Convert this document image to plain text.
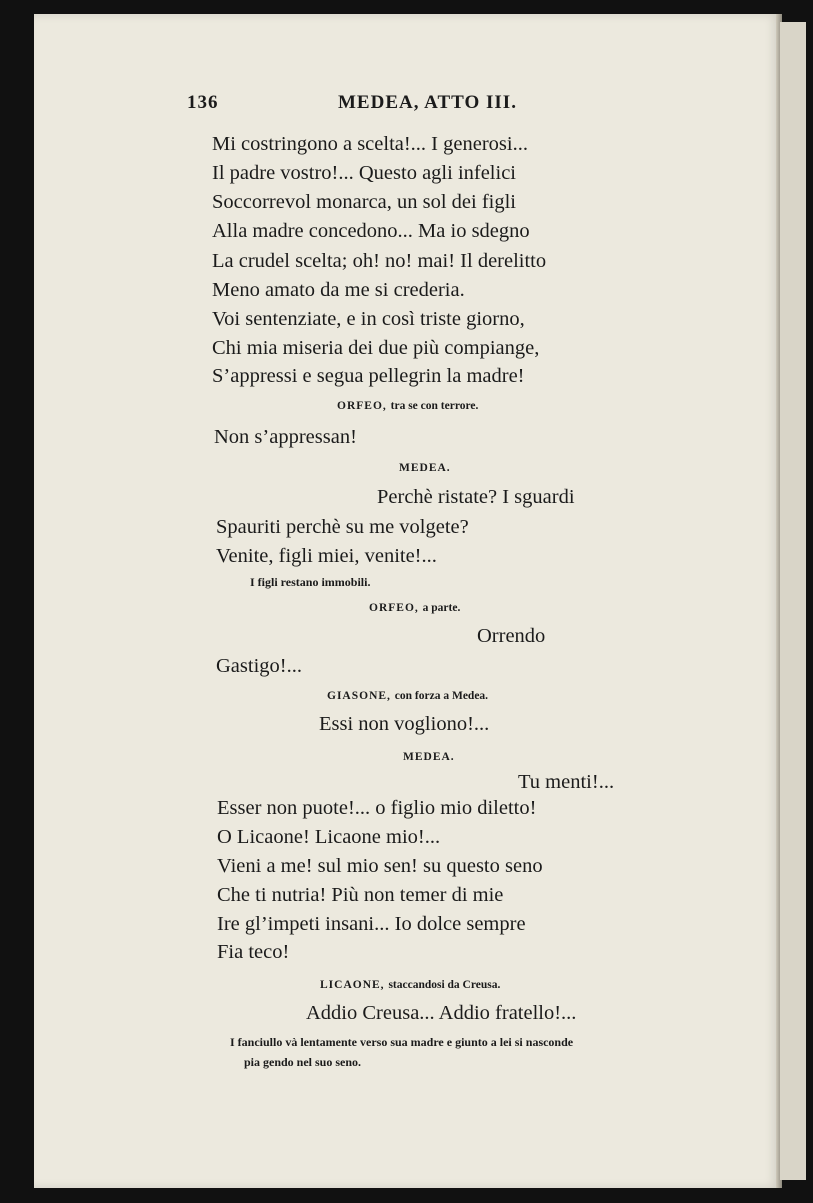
136	MEDEA, ATTO III.
Mi costringono a scelta!... I generosi...
Il padre vostro!... Questo agli infelici
Soccorrevol monarca, un sol dei figli
Alla madre concedono... Ma io sdegno
La crudel scelta; oh! no! mai! Il derelitto
Meno amato da me si crederia.
Voi sentenziate, e in così triste giorno,
Chi mia miseria dei due più compiange,
S’appressi e segua pellegrin la madre!
ORFEO, tra se con terrore.
Non s’appressan!
MEDEA.
Perchè ristate? I sguardi
Spauriti perchè su me volgete?
Venite, figli miei, venite!...
I figli restano immobili.
ORFEO, a parte.
Orrendo
Gastigo!...
GIASONE, con forza a Medea.
Essi non vogliono!...
MEDEA.
Tu menti!...
Esser non puote!... o figlio mio diletto!
O Licaone! Licaone mio!...
Vieni a me! sul mio sen! su questo seno
Che ti nutria! Più non temer di mie
Ire gl’impeti insani... Io dolce sempre
Fia teco!
LICAONE, staccandosi da Creusa.
Addio Creusa... Addio fratello!...
I fanciullo và lentamente verso sua madre e giunto a lei si nasconde
pia gendo nel suo seno.
